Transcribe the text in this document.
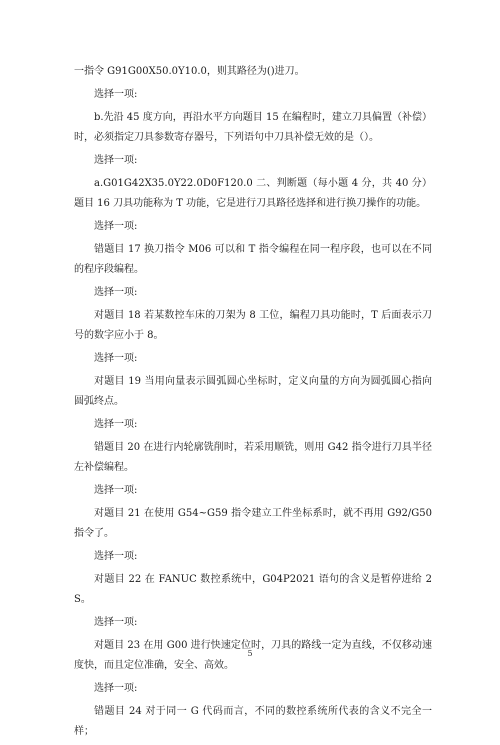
一指令 G91G00X50.0Y10.0，则其路径为()进刀。

选择一项:

b.先沿 45 度方向，再沿水平方向题目 15 在编程时，建立刀具偏置（补偿）时，必须指定刀具参数寄存器号，下列语句中刀具补偿无效的是（）。

选择一项:

a.G01G42X35.0Y22.0D0F120.0 二、判断题（每小题 4 分，共 40 分）题目 16 刀具功能称为 T 功能，它是进行刀具路径选择和进行换刀操作的功能。

选择一项:

错题目 17 换刀指令 M06 可以和 T 指令编程在同一程序段，也可以在不同的程序段编程。

选择一项:

对题目 18 若某数控车床的刀架为 8 工位，编程刀具功能时，T 后面表示刀号的数字应小于 8。

选择一项:

对题目 19 当用向量表示圆弧圆心坐标时，定义向量的方向为圆弧圆心指向圆弧终点。

选择一项:

错题目 20 在进行内轮廓铣削时，若采用顺铣，则用 G42 指令进行刀具半径左补偿编程。

选择一项:

对题目 21 在使用 G54~G59 指令建立工件坐标系时，就不再用 G92/G50 指令了。

选择一项:

对题目 22 在 FANUC 数控系统中，G04P2021 语句的含义是暂停进给 2S。

选择一项:

对题目 23 在用 G00 进行快速定位时，刀具的路线一定为直线，不仅移动速度快，而且定位准确，安全、高效。

选择一项:

错题目 24 对于同一 G 代码而言，不同的数控系统所代表的含义不完全一样；

5
